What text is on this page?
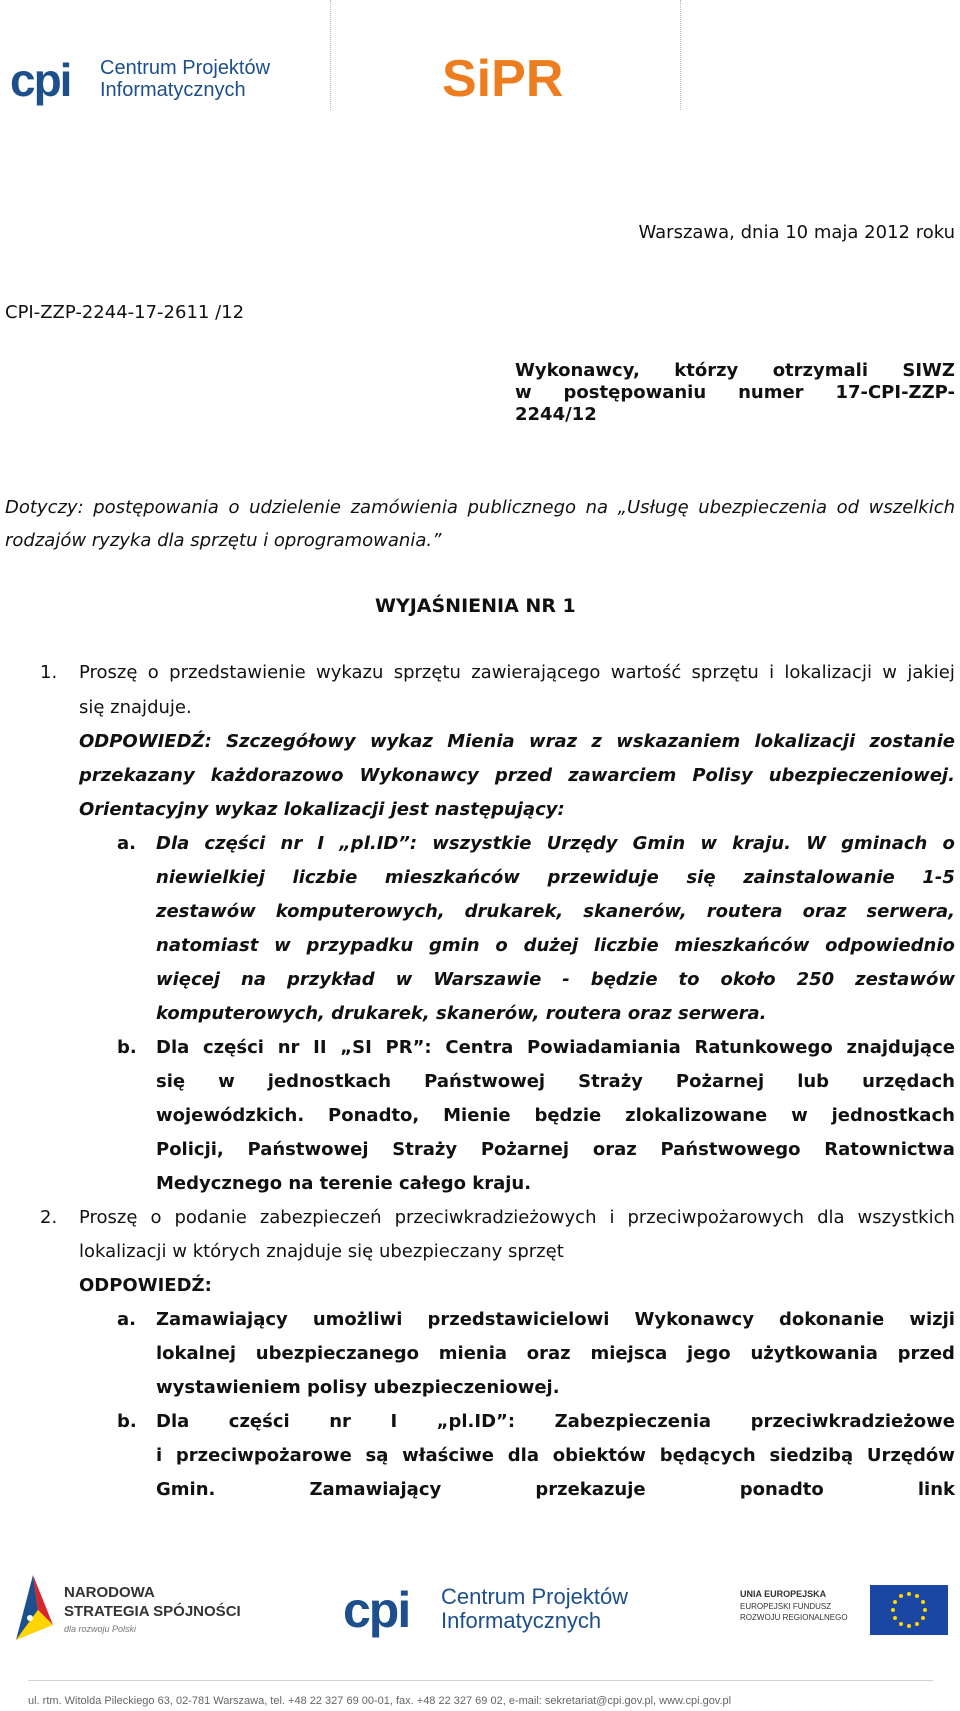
cpi Centrum Projektów
Informatycznych	SiPR
Warszawa, dnia 10 maja 2012 roku
CPI-ZZP-2244-17-2611 /12
Wykonawcy, którzy otrzymali SIWZ
w postępowaniu numer 17-CPI-ZZP-
2244/12
Dotyczy: postępowania o udzielenie zamówienia publicznego na „Usługę ubezpieczenia od wszelkich rodzajów ryzyka dla sprzętu i oprogramowania.”
WYJAŚNIENIA NR 1
1. Proszę o przedstawienie wykazu sprzętu zawierającego wartość sprzętu i lokalizacji w jakiej
się znajduje.
ODPOWIEDŹ: Szczegółowy wykaz Mienia wraz z wskazaniem lokalizacji zostanie
przekazany każdorazowo Wykonawcy przed zawarciem Polisy ubezpieczeniowej.
Orientacyjny wykaz lokalizacji jest następujący:
a. Dla części nr I „pl.ID”: wszystkie Urzędy Gmin w kraju. W gminach o
niewielkiej liczbie mieszkańców przewiduje się zainstalowanie 1-5
zestawów komputerowych, drukarek, skanerów, routera oraz serwera,
natomiast w przypadku gmin o dużej liczbie mieszkańców odpowiednio
więcej na przykład w Warszawie - będzie to około 250 zestawów
komputerowych, drukarek, skanerów, routera oraz serwera.
b. Dla części nr II „SI PR”: Centra Powiadamiania Ratunkowego znajdujące
się w jednostkach Państwowej Straży Pożarnej lub urzędach
wojewódzkich. Ponadto, Mienie będzie zlokalizowane w jednostkach
Policji, Państwowej Straży Pożarnej oraz Państwowego Ratownictwa
Medycznego na terenie całego kraju.
2. Proszę o podanie zabezpieczeń przeciwkradzieżowych i przeciwpożarowych dla wszystkich
lokalizacji w których znajduje się ubezpieczany sprzęt
ODPOWIEDŹ:
a. Zamawiający umożliwi przedstawicielowi Wykonawcy dokonanie wizji
lokalnej ubezpieczanego mienia oraz miejsca jego użytkowania przed
wystawieniem polisy ubezpieczeniowej.
b. Dla części nr I „pl.ID”: Zabezpieczenia przeciwkradzieżowe
i przeciwpożarowe są właściwe dla obiektów będących siedzibą Urzędów
Gmin.	Zamawiający	przekazuje	ponadto	link
NARODOWA
STRATEGIA SPÓJNOŚCI
dla rozwoju Polski	cpi Centrum Projektów
Informatycznych
UNIA EUROPEJSKA
EUROPEJSKI FUNDUSZ
ROZWOJU REGIONALNEGO
ul. rtm. Witolda Pileckiego 63, 02-781 Warszawa, tel. +48 22 327 69 00-01, fax. +48 22 327 69 02, e-mail: sekretariat@cpi.gov.pl, www.cpi.gov.pl
